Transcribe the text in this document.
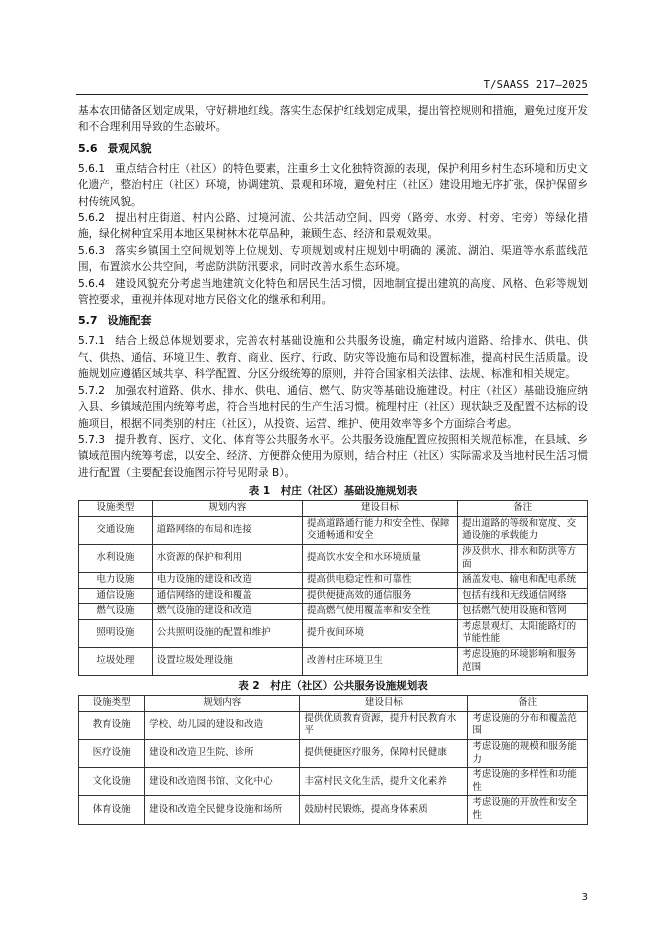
T/SAASS 217—2025

基本农田储备区划定成果，守好耕地红线。落实生态保护红线划定成果，提出管控规则和措施，避免过度开发和不合理利用导致的生态破坏。

5.6 景观风貌

5.6.1 重点结合村庄（社区）的特色要素，注重乡土文化独特资源的表现，保护利用乡村生态环境和历史文化遗产，整治村庄（社区）环境，协调建筑、景观和环境，避免村庄（社区）建设用地无序扩张，保护保留乡村传统风貌。

5.6.2 提出村庄街道、村内公路、过境河流、公共活动空间、四旁（路旁、水旁、村旁、宅旁）等绿化措施，绿化树种宜采用本地区果树林木花草品种，兼顾生态、经济和景观效果。

5.6.3 落实乡镇国土空间规划等上位规划、专项规划或村庄规划中明确的 溪流、湖泊、渠道等水系蓝线范围，布置滨水公共空间，考虑防洪防汛要求，同时改善水系生态环境。

5.6.4 建设风貌充分考虑当地建筑文化特色和居民生活习惯，因地制宜提出建筑的高度、风格、色彩等规划管控要求，重视并体现对地方民俗文化的继承和利用。

5.7 设施配套

5.7.1 结合上级总体规划要求，完善农村基础设施和公共服务设施，确定村域内道路、给排水、供电、供气、供热、通信、环境卫生、教育、商业、医疗、行政、防灾等设施布局和设置标准，提高村民生活质量。设施规划应遵循区域共享、科学配置、分区分级统筹的原则，并符合国家相关法律、法规、标准和相关规定。

5.7.2 加强农村道路、供水、排水、供电、通信、燃气、防灾等基础设施建设。村庄（社区）基础设施应纳入县、乡镇域范围内统筹考虑，符合当地村民的生产生活习惯。梳理村庄（社区）现状缺乏及配置不达标的设施项目，根据不同类别的村庄（社区），从投资、运营、维护、使用效率等多个方面综合考虑。

5.7.3 提升教育、医疗、文化、体育等公共服务水平。公共服务设施配置应按照相关规范标准，在县域、乡镇域范围内统筹考虑，以安全、经济、方便群众使用为原则，结合村庄（社区）实际需求及当地村民生活习惯进行配置（主要配套设施图示符号见附录 B）。

表 1　村庄（社区）基础设施规划表
设施类型	规划内容	建设目标	备注
交通设施	道路网络的布局和连接	提高道路通行能力和安全性、保障交通畅通和安全	提出道路的等级和宽度、交通设施的承载能力
水利设施	水资源的保护和利用	提高饮水安全和水环境质量	涉及供水、排水和防洪等方面
电力设施	电力设施的建设和改造	提高供电稳定性和可靠性	涵盖发电、输电和配电系统
通信设施	通信网络的建设和覆盖	提供便捷高效的通信服务	包括有线和无线通信网络
燃气设施	燃气设施的建设和改造	提高燃气使用覆盖率和安全性	包括燃气使用设施和管网
照明设施	公共照明设施的配置和维护	提升夜间环境	考虑景观灯、太阳能路灯的节能性能
垃圾处理	设置垃圾处理设施	改善村庄环境卫生	考虑设施的环境影响和服务范围
表 2　村庄（社区）公共服务设施规划表
设施类型	规划内容	建设目标	备注
教育设施	学校、幼儿园的建设和改造	提供优质教育资源，提升村民教育水平	考虑设施的分布和覆盖范围
医疗设施	建设和改造卫生院、诊所	提供便捷医疗服务，保障村民健康	考虑设施的规模和服务能力
文化设施	建设和改造图书馆、文化中心	丰富村民文化生活，提升文化素养	考虑设施的多样性和功能性
体育设施	建设和改造全民健身设施和场所	鼓励村民锻炼，提高身体素质	考虑设施的开放性和安全性
3
